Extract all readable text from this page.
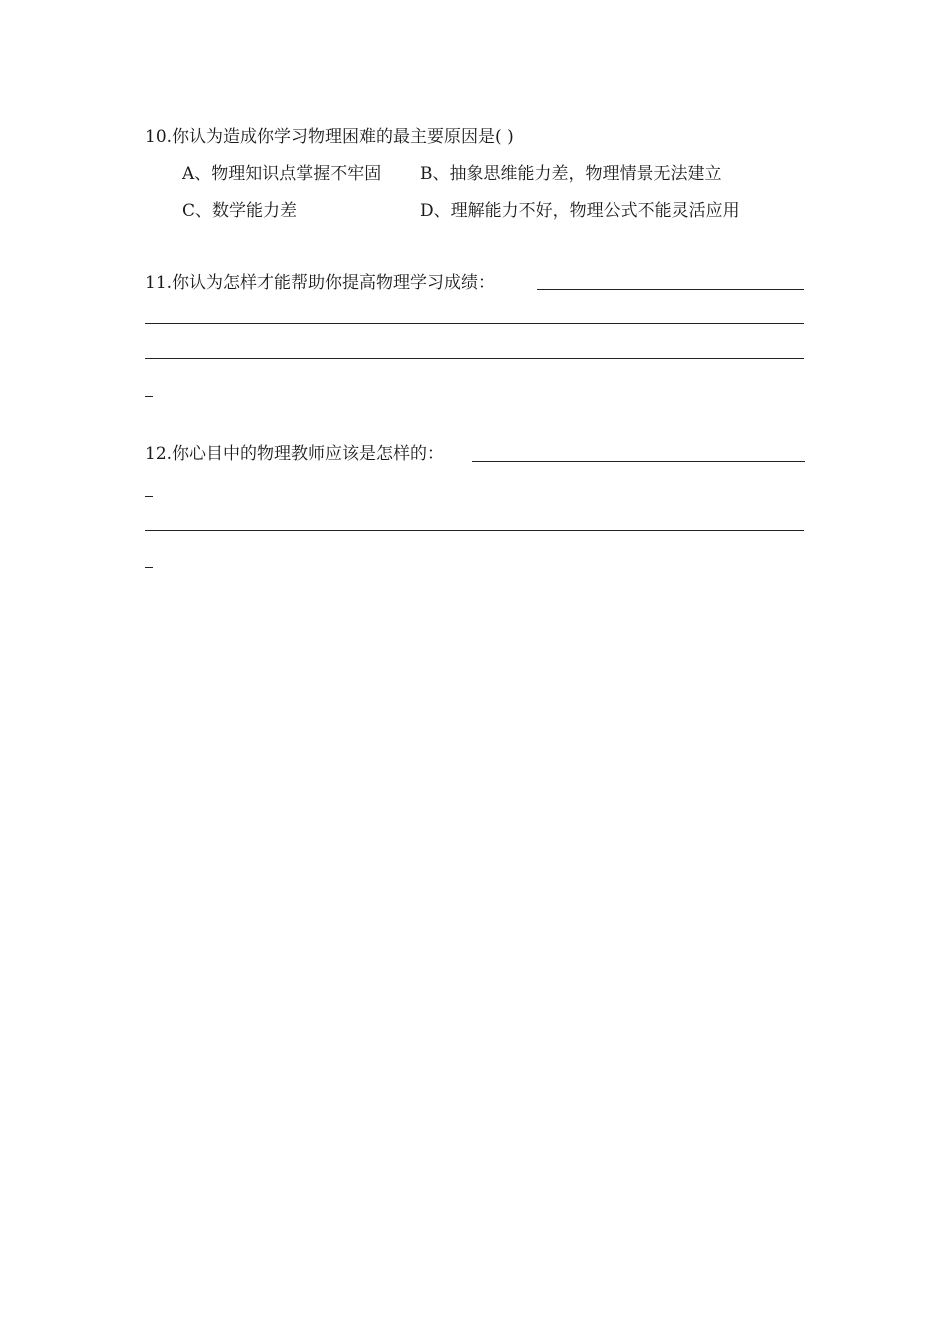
10.你认为造成你学习物理困难的最主要原因是( )
A、物理知识点掌握不牢固 B、抽象思维能力差，物理情景无法建立
C、数学能力差	D、理解能力不好，物理公式不能灵活应用
11.你认为怎样才能帮助你提高物理学习成绩：
12.你心目中的物理教师应该是怎样的：
